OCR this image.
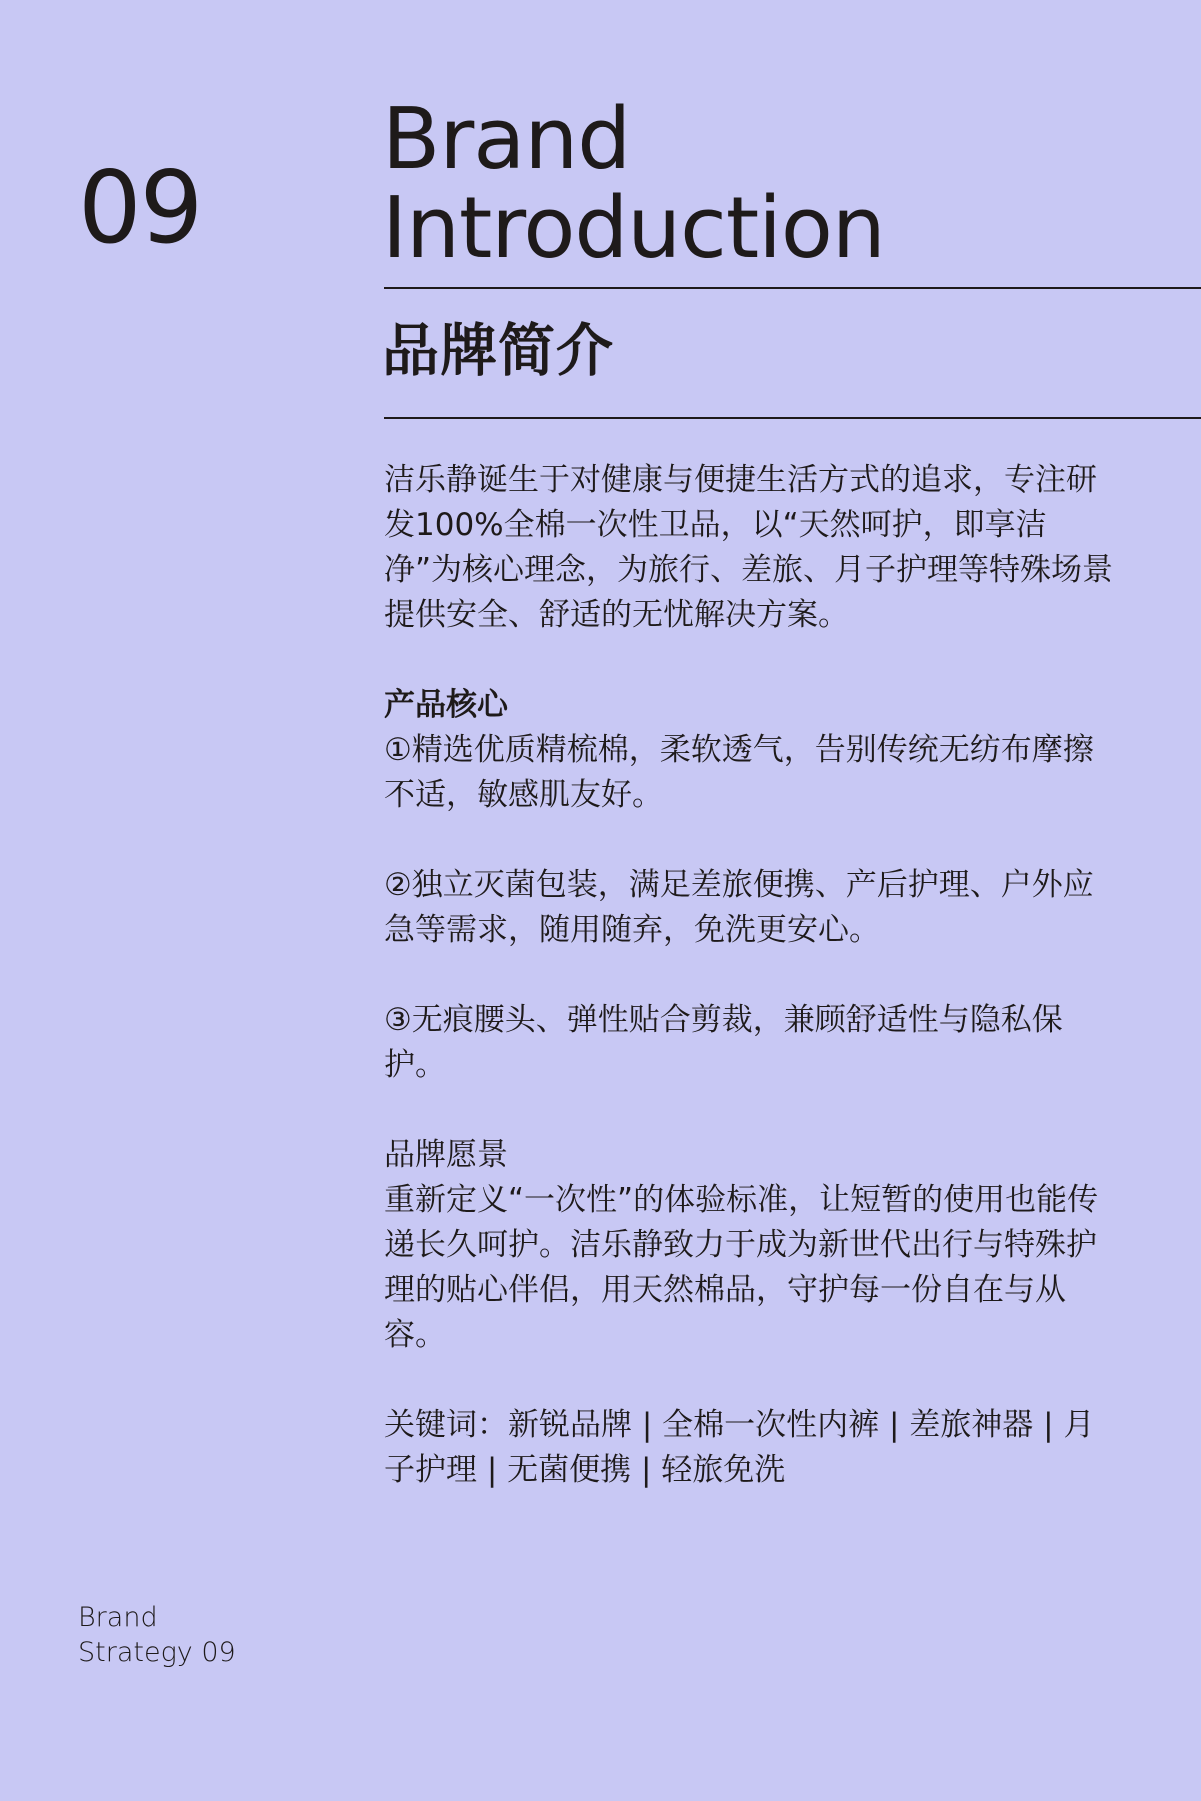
09
Brand
Introduction
品牌简介

洁乐静诞生于对健康与便捷生活方式的追求，专注研发100%全棉一次性卫品，以“天然呵护，即享洁净”为核心理念，为旅行、差旅、月子护理等特殊场景提供安全、舒适的无忧解决方案。

产品核心

①精选优质精梳棉，柔软透气，告别传统无纺布摩擦不适，敏感肌友好。

②独立灭菌包装，满足差旅便携、产后护理、户外应急等需求，随用随弃，免洗更安心。

③无痕腰头、弹性贴合剪裁，兼顾舒适性与隐私保护。

品牌愿景

重新定义“一次性”的体验标准，让短暂的使用也能传递长久呵护。洁乐静致力于成为新世代出行与特殊护理的贴心伴侣，用天然棉品，守护每一份自在与从容。

关键词：新锐品牌 | 全棉一次性内裤 | 差旅神器 | 月子护理 | 无菌便携 | 轻旅免洗

Brand
Strategy 09
